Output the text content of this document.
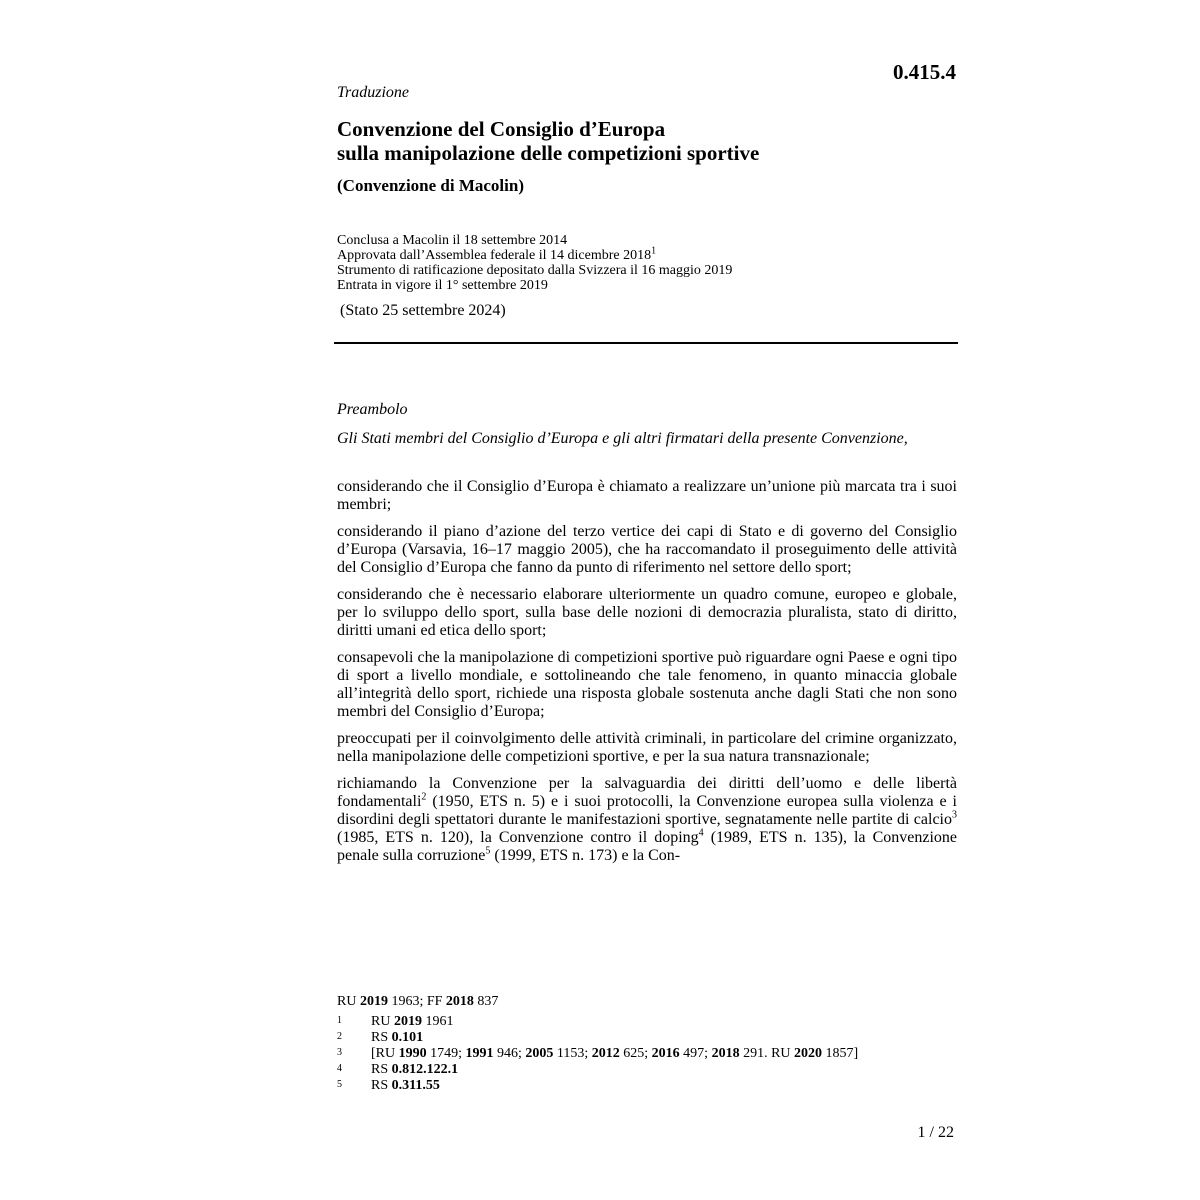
0.415.4

Traduzione

Convenzione del Consiglio d’Europa
sulla manipolazione delle competizioni sportive

(Convenzione di Macolin)

Conclusa a Macolin il 18 settembre 2014
Approvata dall’Assemblea federale il 14 dicembre 2018$^1$
Strumento di ratificazione depositato dalla Svizzera il 16 maggio 2019
Entrata in vigore il 1° settembre 2019

(Stato 25 settembre 2024)

Preambolo

Gli Stati membri del Consiglio d’Europa e gli altri firmatari della presente Convenzione,

considerando che il Consiglio d’Europa è chiamato a realizzare un’unione più marcata tra i suoi membri;

considerando il piano d’azione del terzo vertice dei capi di Stato e di governo del Consiglio d’Europa (Varsavia, 16–17 maggio 2005), che ha raccomandato il proseguimento delle attività del Consiglio d’Europa che fanno da punto di riferimento nel settore dello sport;

considerando che è necessario elaborare ulteriormente un quadro comune, europeo e globale, per lo sviluppo dello sport, sulla base delle nozioni di democrazia pluralista, stato di diritto, diritti umani ed etica dello sport;

consapevoli che la manipolazione di competizioni sportive può riguardare ogni Paese e ogni tipo di sport a livello mondiale, e sottolineando che tale fenomeno, in quanto minaccia globale all’integrità dello sport, richiede una risposta globale sostenuta anche dagli Stati che non sono membri del Consiglio d’Europa;

preoccupati per il coinvolgimento delle attività criminali, in particolare del crimine organizzato, nella manipolazione delle competizioni sportive, e per la sua natura transnazionale;

richiamando la Convenzione per la salvaguardia dei diritti dell’uomo e delle libertà fondamentali$^2$ (1950, ETS n. 5) e i suoi protocolli, la Convenzione europea sulla violenza e i disordini degli spettatori durante le manifestazioni sportive, segnatamente nelle partite di calcio$^3$ (1985, ETS n. 120), la Convenzione contro il doping$^4$ (1989, ETS n. 135), la Convenzione penale sulla corruzione$^5$ (1999, ETS n. 173) e la Con-

RU 2019 1963; FF 2018 837
1	RU 2019 1961
2	RS 0.101
3	[RU 1990 1749; 1991 946; 2005 1153; 2012 625; 2016 497; 2018 291. RU 2020 1857]
4	RS 0.812.122.1
5	RS 0.311.55

1 / 22
